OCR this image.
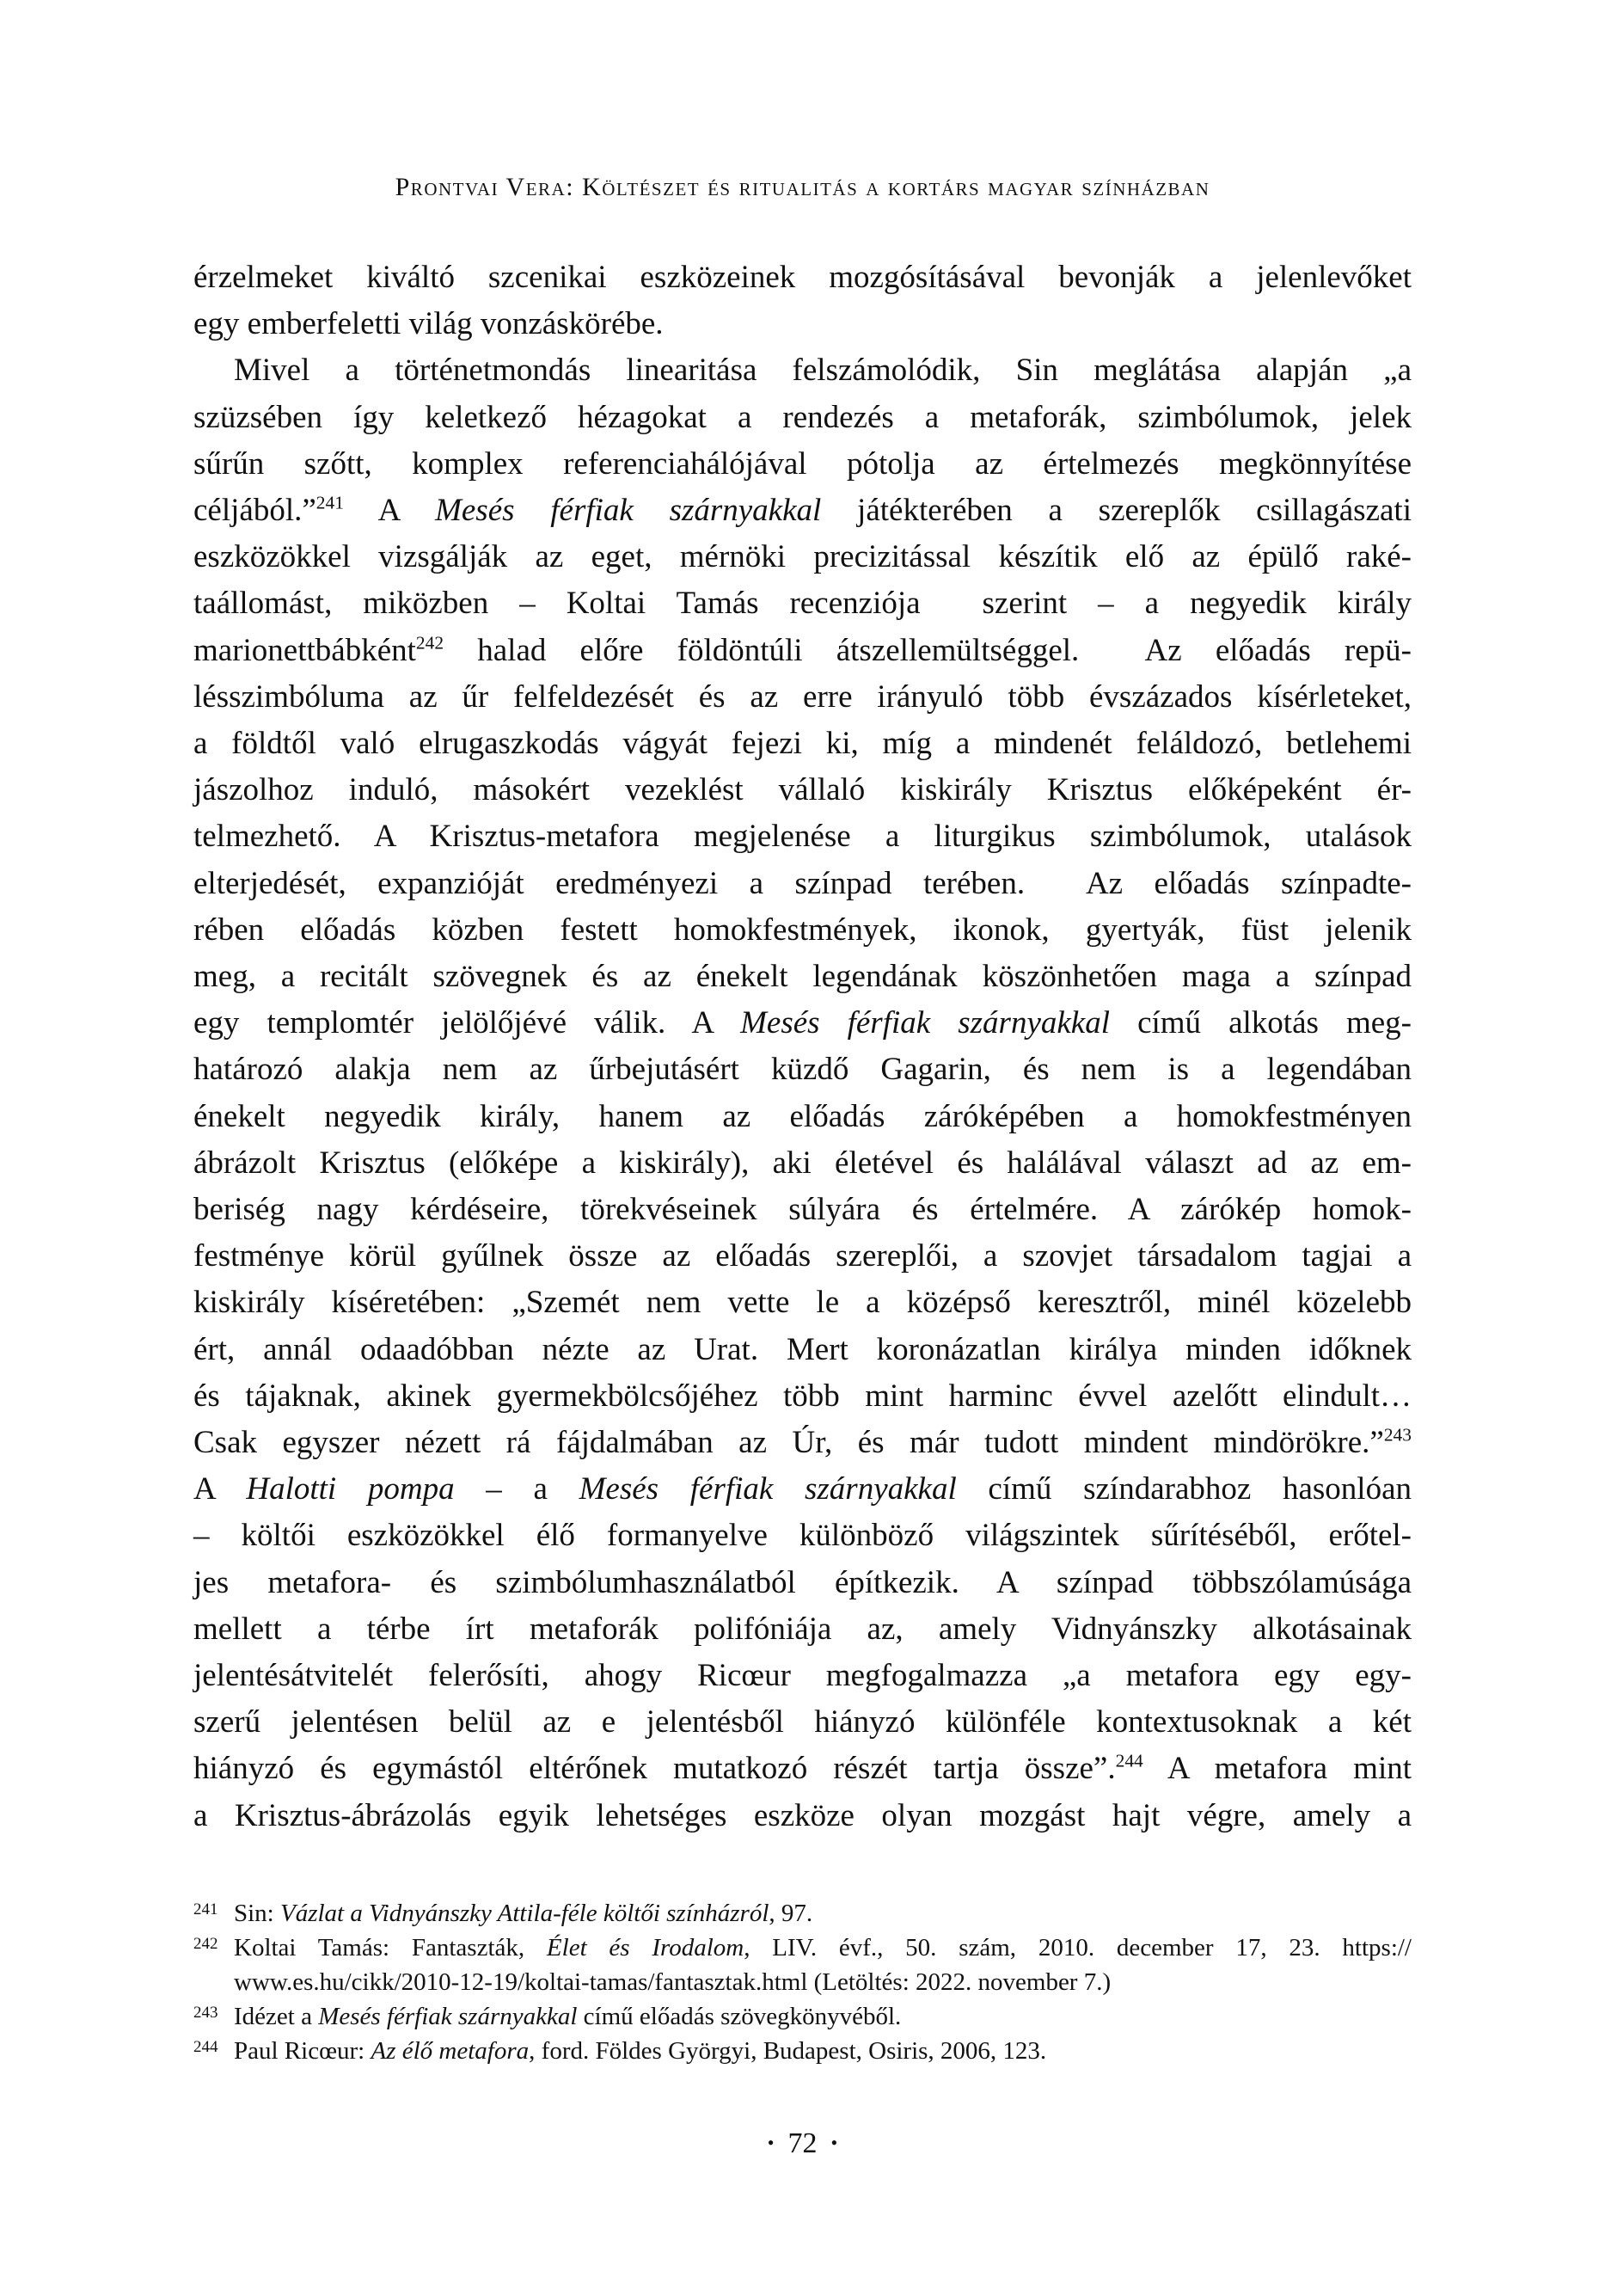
Prontvai Vera: Költészet és ritualitás a kortárs magyar színházban
érzelmeket kiváltó szcenikai eszközeinek mozgósításával bevonják a jelenlevőket
egy emberfeletti világ vonzáskörébe.
Mivel a történetmondás linearitása felszámolódik, Sin meglátása alapján „a
szüzsében így keletkező hézagokat a rendezés a metaforák, szimbólumok, jelek
sűrűn szőtt, komplex referenciahálójával pótolja az értelmezés megkönnyítése
céljából.”$^{241}$ A Mesés férfiak szárnyakkal játékterében a szereplők csillagászati
eszközökkel vizsgálják az eget, mérnöki precizitással készítik elő az épülő raké-
taállomást, miközben – Koltai Tamás recenziója  szerint – a negyedik király
marionettbábként$^{242}$ halad előre földöntúli átszellemültséggel.  Az előadás repü-
lésszimbóluma az űr felfeldezését és az erre irányuló több évszázados kísérleteket,
a földtől való elrugaszkodás vágyát fejezi ki, míg a mindenét feláldozó, betlehemi
jászolhoz induló, másokért vezeklést vállaló kiskirály Krisztus előképeként ér-
telmezhető. A Krisztus-metafora megjelenése a liturgikus szimbólumok, utalások
elterjedését, expanzióját eredményezi a színpad terében.  Az előadás színpadte-
rében előadás közben festett homokfestmények, ikonok, gyertyák, füst jelenik
meg, a recitált szövegnek és az énekelt legendának köszönhetően maga a színpad
egy templomtér jelölőjévé válik. A Mesés férfiak szárnyakkal című alkotás meg-
határozó alakja nem az űrbejutásért küzdő Gagarin, és nem is a legendában
énekelt negyedik király, hanem az előadás záróképében a homokfestményen
ábrázolt Krisztus (előképe a kiskirály), aki életével és halálával választ ad az em-
beriség nagy kérdéseire, törekvéseinek súlyára és értelmére. A zárókép homok-
festménye körül gyűlnek össze az előadás szereplői, a szovjet társadalom tagjai a
kiskirály kíséretében: „Szemét nem vette le a középső keresztről, minél közelebb
ért, annál odaadóbban nézte az Urat. Mert koronázatlan királya minden időknek
és tájaknak, akinek gyermekbölcsőjéhez több mint harminc évvel azelőtt elindult…
Csak egyszer nézett rá fájdalmában az Úr, és már tudott mindent mindörökre.”$^{243}$
A Halotti pompa – a Mesés férfiak szárnyakkal című színdarabhoz hasonlóan
– költői eszközökkel élő formanyelve különböző világszintek sűrítéséből, erőtel-
jes metafora- és szimbólumhasználatból építkezik. A színpad többszólamúsága
mellett a térbe írt metaforák polifóniája az, amely Vidnyánszky alkotásainak
jelentésátvitelét felerősíti, ahogy Ricœur megfogalmazza „a metafora egy egy-
szerű jelentésen belül az e jelentésből hiányzó különféle kontextusoknak a két
hiányzó és egymástól eltérőnek mutatkozó részét tartja össze”.$^{244}$ A metafora mint
a Krisztus-ábrázolás egyik lehetséges eszköze olyan mozgást hajt végre, amely a
241 Sin: Vázlat a Vidnyánszky Attila-féle költői színházról, 97.
242 Koltai Tamás: Fantaszták, Élet és Irodalom, LIV. évf., 50. szám, 2010. december 17, 23. https://
www.es.hu/cikk/2010-12-19/koltai-tamas/fantasztak.html (Letöltés: 2022. november 7.)
243 Idézet a Mesés férfiak szárnyakkal című előadás szövegkönyvéből.
244 Paul Ricœur: Az élő metafora, ford. Földes Györgyi, Budapest, Osiris, 2006, 123.
• 72 •
